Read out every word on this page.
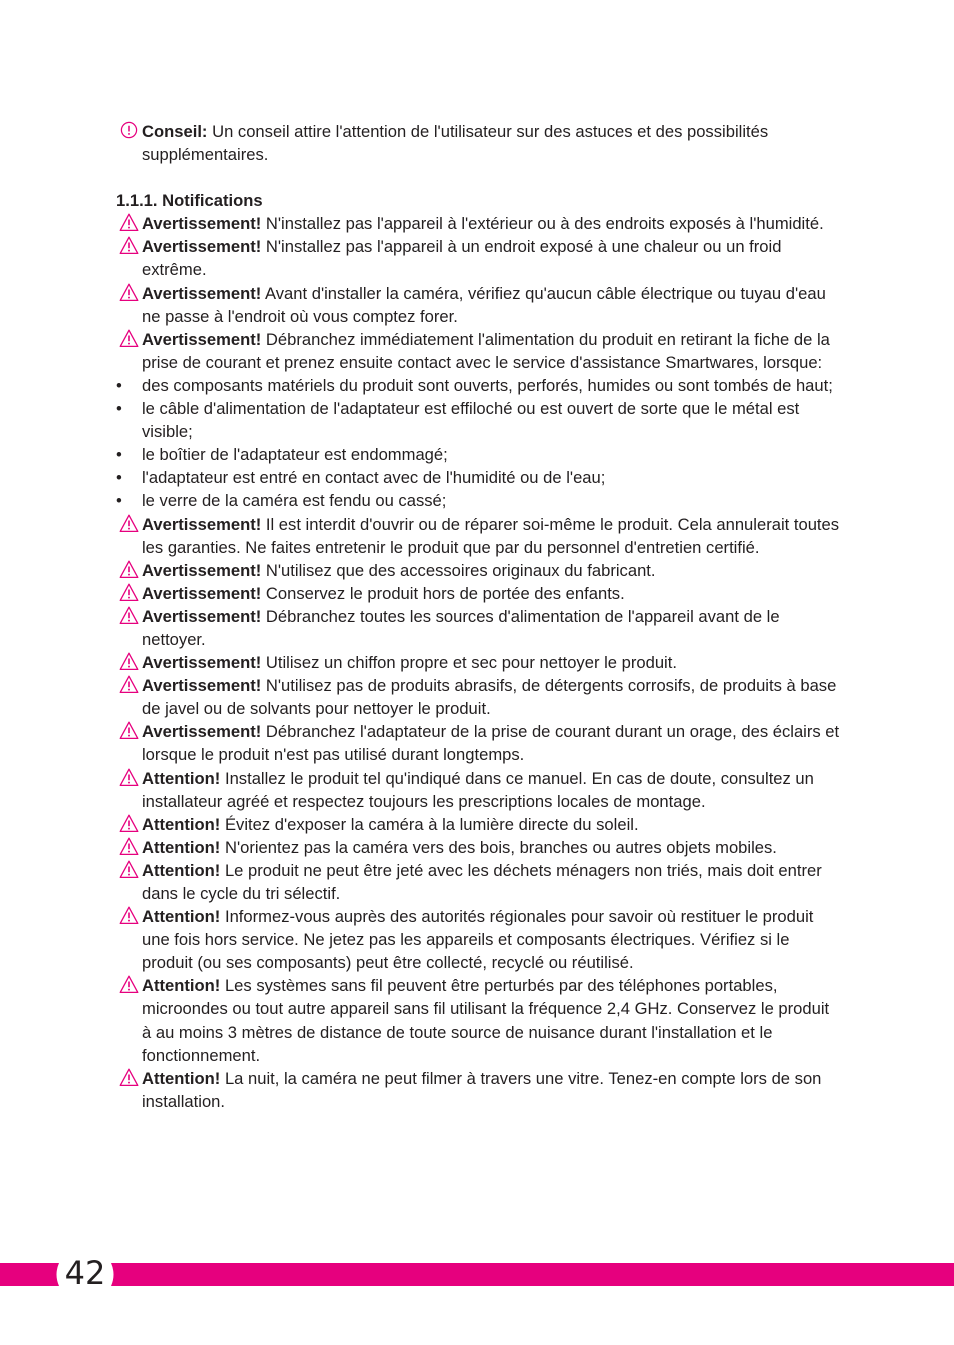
Conseil: Un conseil attire l'attention de l'utilisateur sur des astuces et des possibilités supplémentaires.
1.1.1. Notifications
Avertissement! N'installez pas l'appareil à l'extérieur ou à des endroits exposés à l'humidité.
Avertissement! N'installez pas l'appareil à un endroit exposé à une chaleur ou un froid extrême.
Avertissement! Avant d'installer la caméra, vérifiez qu'aucun câble électrique ou tuyau d'eau ne passe à l'endroit où vous comptez forer.
Avertissement! Débranchez immédiatement l'alimentation du produit en retirant la fiche de la prise de courant et prenez ensuite contact avec le service d'assistance Smartwares, lorsque:
• des composants matériels du produit sont ouverts, perforés, humides ou sont tombés de haut;
• le câble d'alimentation de l'adaptateur est effiloché ou est ouvert de sorte que le métal est visible;
• le boîtier de l'adaptateur est endommagé;
• l'adaptateur est entré en contact avec de l'humidité ou de l'eau;
• le verre de la caméra est fendu ou cassé;
Avertissement! Il est interdit d'ouvrir ou de réparer soi-même le produit. Cela annulerait toutes les garanties. Ne faites entretenir le produit que par du personnel d'entretien certifié.
Avertissement! N'utilisez que des accessoires originaux du fabricant.
Avertissement! Conservez le produit hors de portée des enfants.
Avertissement! Débranchez toutes les sources d'alimentation de l'appareil avant de le nettoyer.
Avertissement! Utilisez un chiffon propre et sec pour nettoyer le produit.
Avertissement! N'utilisez pas de produits abrasifs, de détergents corrosifs, de produits à base de javel ou de solvants pour nettoyer le produit.
Avertissement! Débranchez l'adaptateur de la prise de courant durant un orage, des éclairs et lorsque le produit n'est pas utilisé durant longtemps.
Attention! Installez le produit tel qu'indiqué dans ce manuel. En cas de doute, consultez un installateur agréé et respectez toujours les prescriptions locales de montage.
Attention! Évitez d'exposer la caméra à la lumière directe du soleil.
Attention! N'orientez pas la caméra vers des bois, branches ou autres objets mobiles.
Attention! Le produit ne peut être jeté avec les déchets ménagers non triés, mais doit entrer dans le cycle du tri sélectif.
Attention! Informez-vous auprès des autorités régionales pour savoir où restituer le produit une fois hors service. Ne jetez pas les appareils et composants électriques. Vérifiez si le produit (ou ses composants) peut être collecté, recyclé ou réutilisé.
Attention! Les systèmes sans fil peuvent être perturbés par des téléphones portables, microondes ou tout autre appareil sans fil utilisant la fréquence 2,4 GHz. Conservez le produit à au moins 3 mètres de distance de toute source de nuisance durant l'installation et le fonctionnement.
Attention! La nuit, la caméra ne peut filmer à travers une vitre. Tenez-en compte lors de son installation.
42
